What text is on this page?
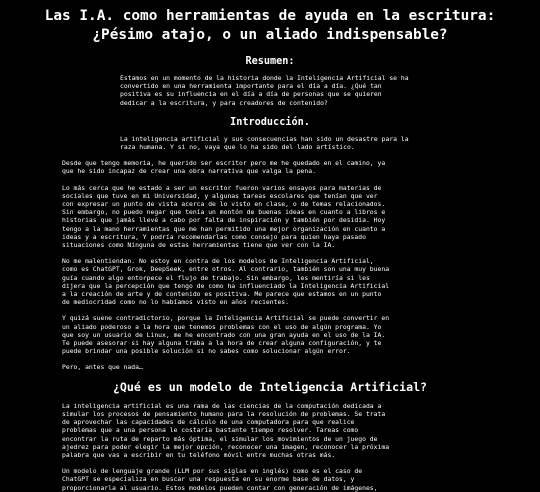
Las I.A. como herramientas de ayuda en la escritura:
¿Pésimo atajo, o un aliado indispensable?
Resumen:

Estamos en un momento de la historia donde la Inteligencia Artificial se ha
convertido en una herramienta importante para el día a día. ¿Qué tan
positiva es su influencia en el día a día de personas que se quieren
dedicar a la escritura, y para creadores de contenido?

Introducción.

La inteligencia artificial y sus consecuencias han sido un desastre para la
raza humana. Y si no, vaya que lo ha sido del lado artístico.

Desde que tengo memoria, he querido ser escritor pero me he quedado en el camino, ya
que he sido incapaz de crear una obra narrativa que valga la pena.

Lo más cerca que he estado a ser un escritor fueron varios ensayos para materias de
sociales que tuve en mi Universidad, y algunas tareas escolares que tenían que ver
con expresar un punto de vista acerca de lo visto en clase, o de temas relacionados.
Sin embargo, no puedo negar que tenía un montón de buenas ideas en cuanto a libros e
historias que jamás llevé a cabo por falta de inspiración y también por desidia. Hoy
tengo a la mano herramientas que me han permitido una mejor organización en cuanto a
ideas y a escritura, Y podría recomendarlas como consejo para quien haya pasado
situaciones como Ninguna de estas herramientas tiene que ver con la IA.

No me malentiendan. No estoy en contra de los modelos de Inteligencia Artificial,
como es ChatGPT, Grok, DeepSeek, entre otros. Al contrario, también son una muy buena
guía cuando algo entorpece el flujo de trabajo. Sin embargo, les mentiría si les
dijera que la percepción que tengo de como ha influenciado la Inteligencia Artificial
a la creación de arte y de contenido es positiva. Me parece que estamos en un punto
de mediocridad como no lo habíamos visto en años recientes.

Y quizá suene contradictorio, porque la Inteligencia Artificial se puede convertir en
un aliado poderoso a la hora que tenemos problemas con el uso de algún programa. Yo
que soy un usuario de Linux, me he encontrado con una gran ayuda en el uso de la IA.
Te puede asesorar si hay alguna traba a la hora de crear alguna configuración, y te
puede brindar una posible solución si no sabes como solucionar algún error.

Pero, antes que nada…

¿Qué es un modelo de Inteligencia Artificial?

La inteligencia artificial es una rama de las ciencias de la computación dedicada a
simular los procesos de pensamiento humano para la resolución de problemas. Se trata
de aprovechar las capacidades de cálculo de una computadora para que realice
problemas que a una persona le costaría bastante tiempo resolver. Tareas como
encontrar la ruta de reparto más óptima, el simular los movimientos de un juego de
ajedrez para poder elegir la mejor opción, reconocer una imagen, reconocer la próxima
palabra que vas a escribir en tu teléfono móvil entre muchas otras más.

Un modelo de lenguaje grande (LLM por sus siglas en inglés) como es el caso de
ChatGPT se especializa en buscar una respuesta en su enorme base de datos, y
proporcionarla al usuario. Estos modelos pueden contar con generación de imágenes,
